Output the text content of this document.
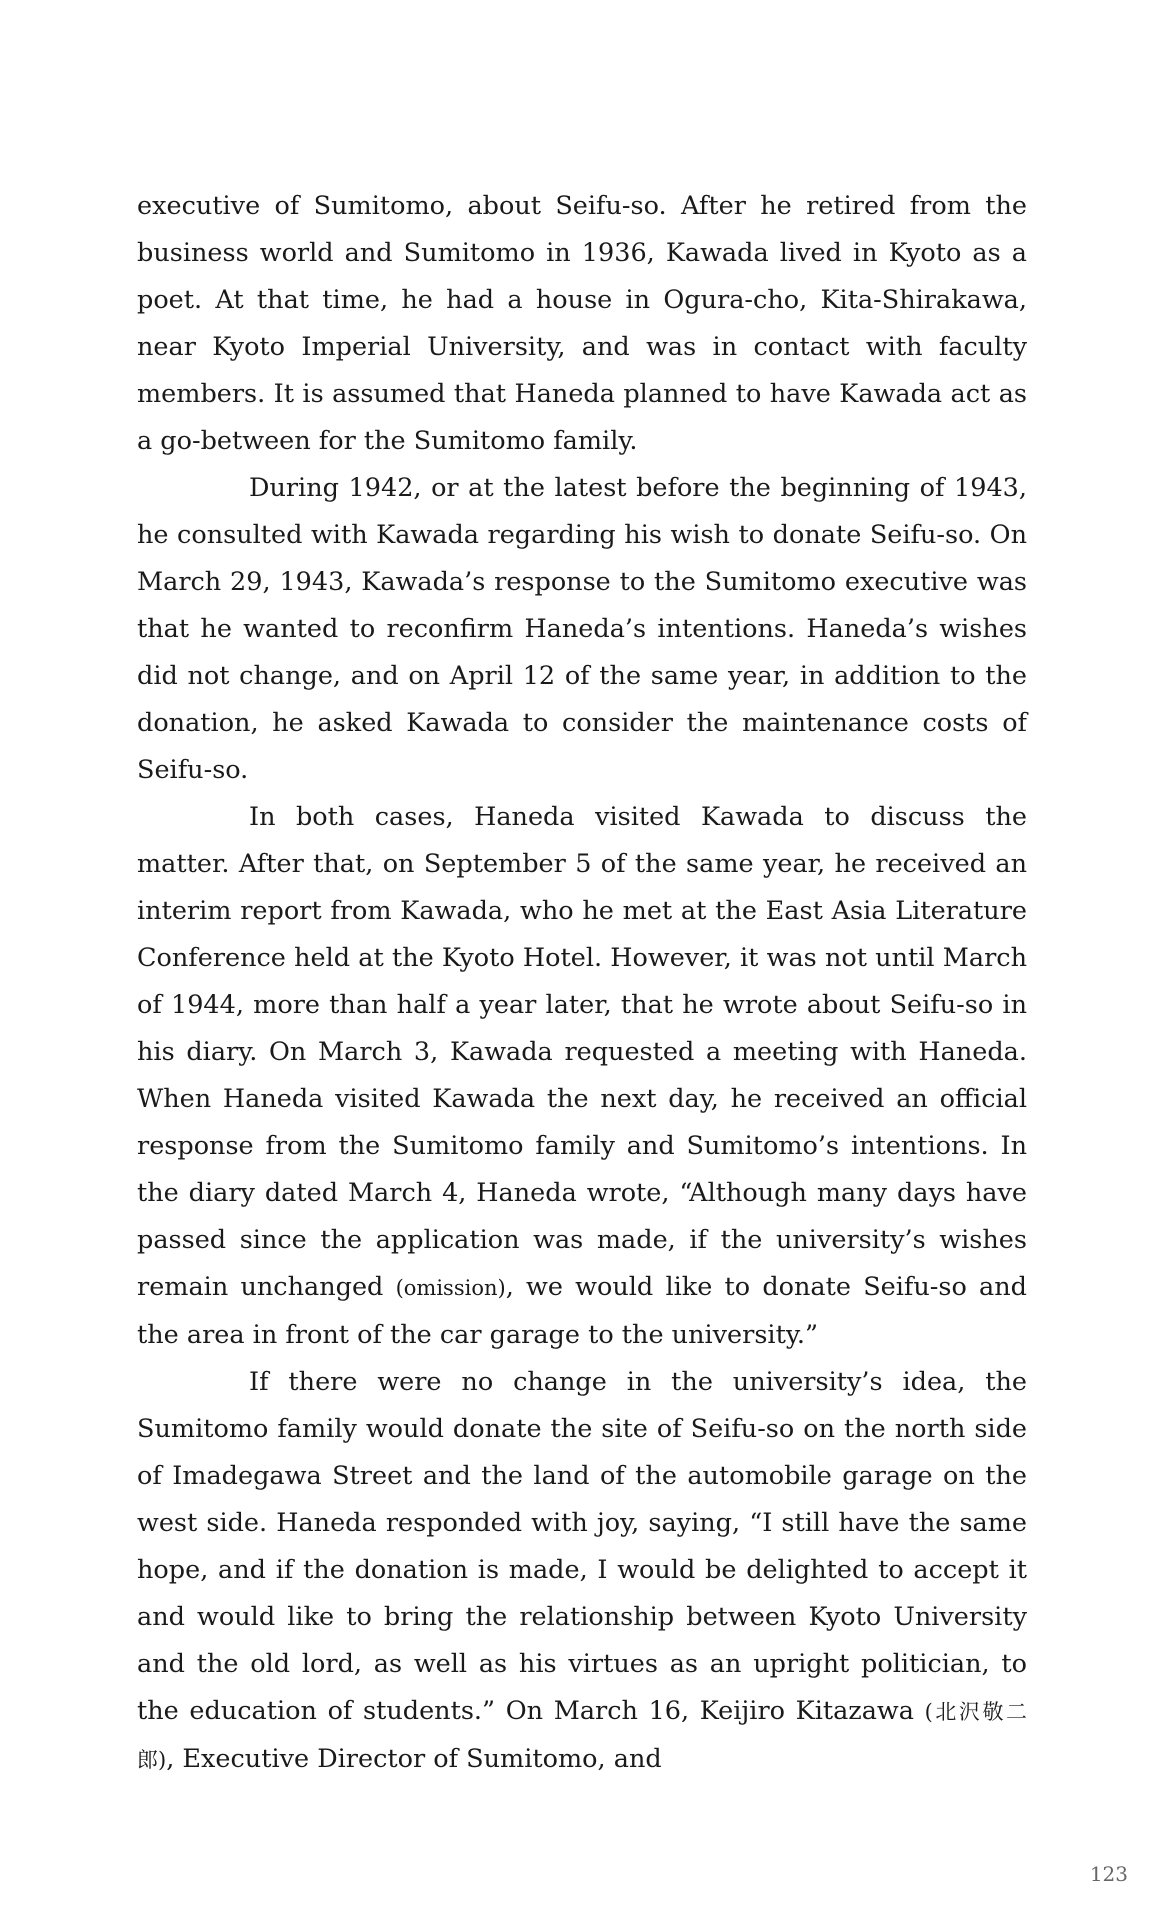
executive of Sumitomo, about Seifu-so. After he retired from the business world and Sumitomo in 1936, Kawada lived in Kyoto as a poet. At that time, he had a house in Ogura-cho, Kita-Shirakawa, near Kyoto Imperial University, and was in contact with faculty members. It is assumed that Haneda planned to have Kawada act as a go-between for the Sumitomo family.

During 1942, or at the latest before the beginning of 1943, he consulted with Kawada regarding his wish to donate Seifu-so. On March 29, 1943, Kawada’s response to the Sumitomo executive was that he wanted to reconfirm Haneda’s intentions. Haneda’s wishes did not change, and on April 12 of the same year, in addition to the donation, he asked Kawada to consider the maintenance costs of Seifu-so.

In both cases, Haneda visited Kawada to discuss the matter. After that, on September 5 of the same year, he received an interim report from Kawada, who he met at the East Asia Literature Conference held at the Kyoto Hotel. However, it was not until March of 1944, more than half a year later, that he wrote about Seifu-so in his diary. On March 3, Kawada requested a meeting with Haneda. When Haneda visited Kawada the next day, he received an official response from the Sumitomo family and Sumitomo’s intentions. In the diary dated March 4, Haneda wrote, “Although many days have passed since the application was made, if the university’s wishes remain unchanged (omission), we would like to donate Seifu-so and the area in front of the car garage to the university.”

If there were no change in the university’s idea, the Sumitomo family would donate the site of Seifu-so on the north side of Imadegawa Street and the land of the automobile garage on the west side. Haneda responded with joy, saying, “I still have the same hope, and if the donation is made, I would be delighted to accept it and would like to bring the relationship between Kyoto University and the old lord, as well as his virtues as an upright politician, to the education of students.” On March 16, Keijiro Kitazawa (北沢敬二郎), Executive Director of Sumitomo, and

123
